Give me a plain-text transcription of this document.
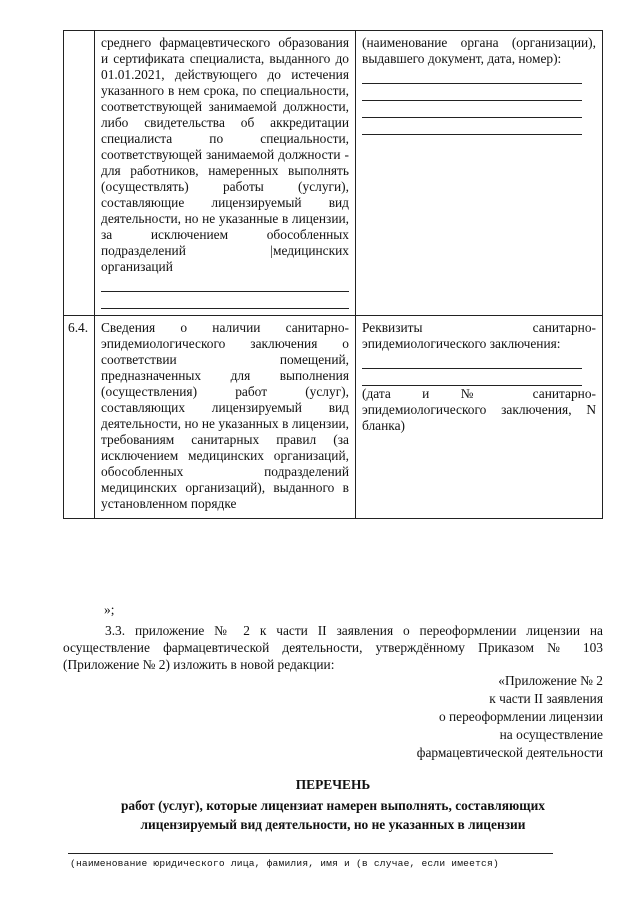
	среднего фармацевтического образования и сертификата специалиста, выданного до 01.01.2021, действующего до истечения указанного в нем срока, по специальности, соответствующей занимаемой должности, либо свидетельства об аккредитации специалиста по специальности, соответствующей занимаемой должности - для работников, намеренных выполнять (осуществлять) работы (услуги), составляющие лицензируемый вид деятельности, но не указанные в лицензии, за исключением обособленных подразделений |медицинских организаций	(наименование органа (организации), выдавшего документ, дата, номер):

6.4.	Сведения о наличии санитарно-эпидемиологического заключения о соответствии помещений, предназначенных для выполнения (осуществления) работ (услуг), составляющих лицензируемый вид деятельности, но не указанных в лицензии, требованиям санитарных правил (за исключением медицинских организаций, обособленных подразделений медицинских организаций), выданного в установленном порядке	Реквизиты санитарно-эпидемиологического заключения:
(дата и № санитарно-эпидемиологического заключения, N бланка)
»;
3.3. приложение № 2 к части II заявления о переоформлении лицензии на осуществление фармацевтической деятельности, утверждённому Приказом № 103 (Приложение № 2) изложить в новой редакции:
«Приложение № 2
к части II заявления
о переоформлении лицензии
на осуществление
фармацевтической деятельности
ПЕРЕЧЕНЬ
работ (услуг), которые лицензиат намерен выполнять, составляющих
лицензируемый вид деятельности, но не указанных в лицензии
(наименование юридического лица, фамилия, имя и (в случае, если имеется)
